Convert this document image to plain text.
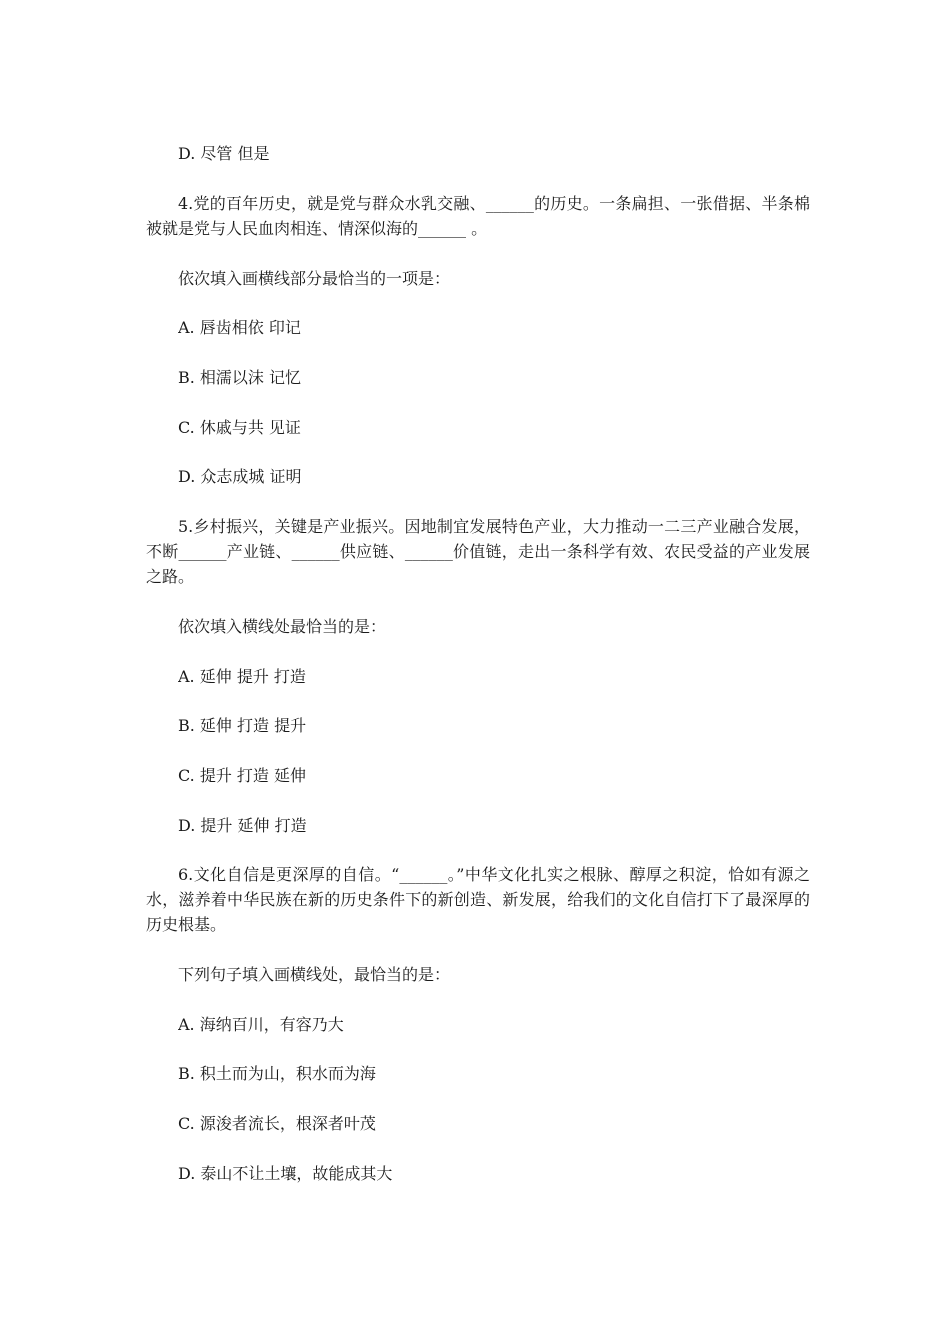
D. 尽管 但是
4.党的百年历史，就是党与群众水乳交融、______的历史。一条扁担、一张借据、半条棉被就是党与人民血肉相连、情深似海的______ 。
依次填入画横线部分最恰当的一项是：
A. 唇齿相依 印记
B. 相濡以沫 记忆
C. 休戚与共 见证
D. 众志成城 证明
5.乡村振兴，关键是产业振兴。因地制宜发展特色产业，大力推动一二三产业融合发展，不断______产业链、______供应链、______价值链，走出一条科学有效、农民受益的产业发展之路。
依次填入横线处最恰当的是：
A. 延伸 提升 打造
B. 延伸 打造 提升
C. 提升 打造 延伸
D. 提升 延伸 打造
6.文化自信是更深厚的自信。“______。”中华文化扎实之根脉、醇厚之积淀，恰如有源之水，滋养着中华民族在新的历史条件下的新创造、新发展，给我们的文化自信打下了最深厚的历史根基。
下列句子填入画横线处，最恰当的是：
A. 海纳百川，有容乃大
B. 积土而为山，积水而为海
C. 源浚者流长，根深者叶茂
D. 泰山不让土壤，故能成其大
